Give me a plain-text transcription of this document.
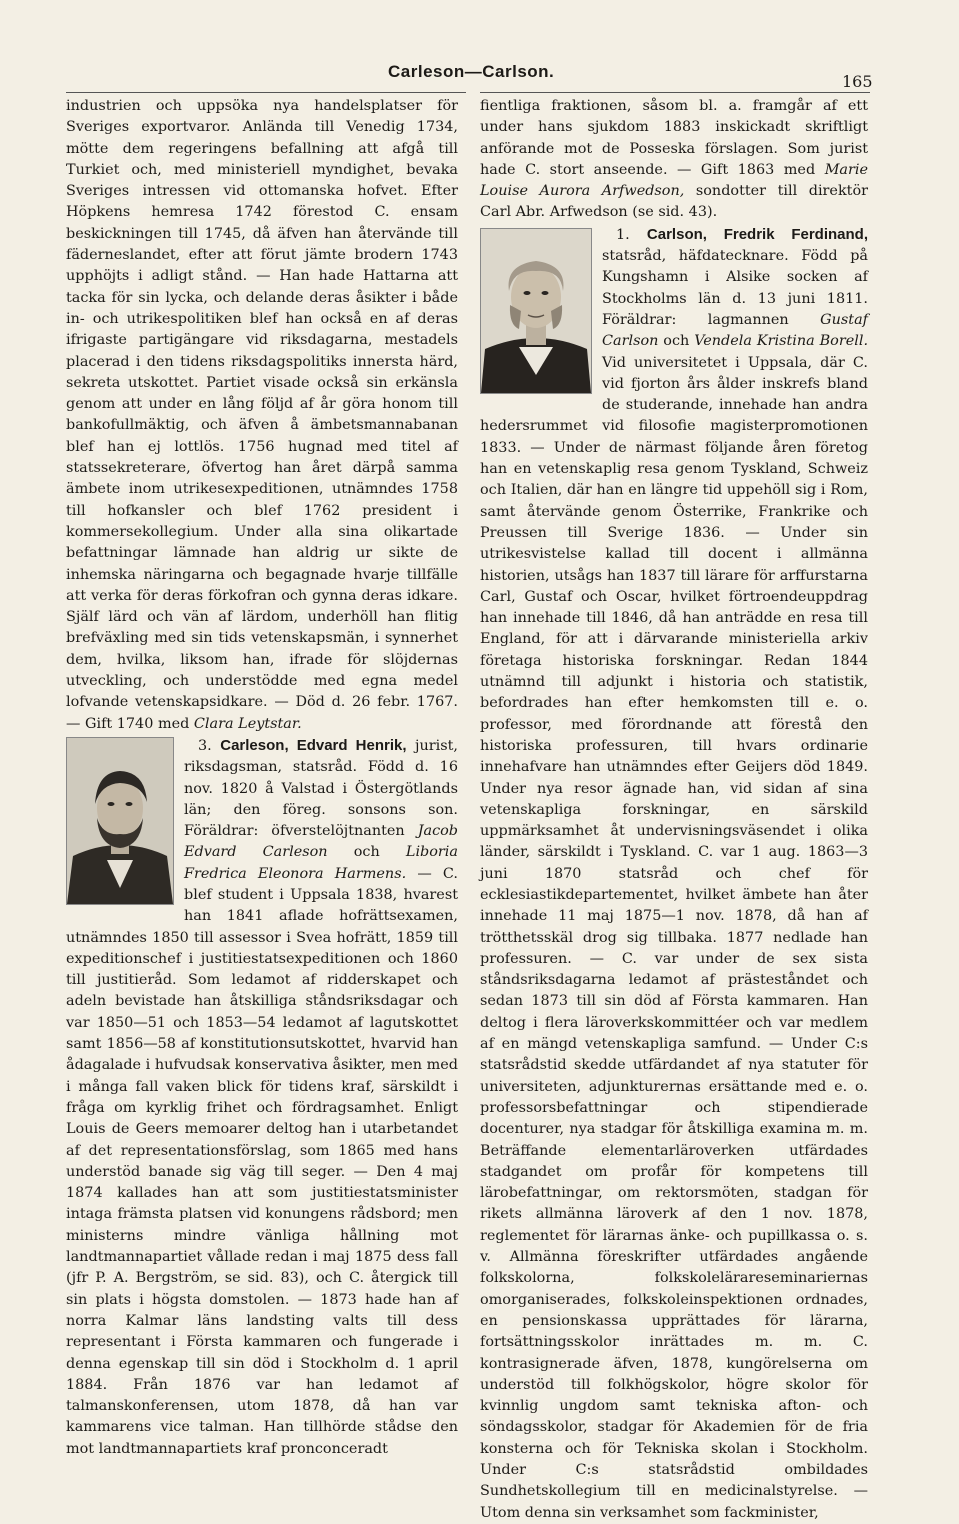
Carleson—Carlson.
165

industrien och uppsöka nya handelsplatser för Sveriges exportvaror. Anlända till Venedig 1734, mötte dem regeringens befallning att afgå till Turkiet och, med ministeriell myndighet, bevaka Sveriges intressen vid ottomanska hofvet. Efter Höpkens hemresa 1742 förestod C. ensam beskickningen till 1745, då äfven han återvände till fäderneslandet, efter att förut jämte brodern 1743 upphöjts i adligt stånd. — Han hade Hattarna att tacka för sin lycka, och delande deras åsikter i både in- och utrikespolitiken blef han också en af deras ifrigaste partigängare vid riksdagarna, mestadels placerad i den tidens riksdagspolitiks innersta härd, sekreta utskottet. Partiet visade också sin erkänsla genom att under en lång följd af år göra honom till bankofullmäktig, och äfven å ämbetsmannabanan blef han ej lottlös. 1756 hugnad med titel af statssekreterare, öfvertog han året därpå samma ämbete inom utrikesexpeditionen, utnämndes 1758 till hofkansler och blef 1762 president i kommersekollegium. Under alla sina olikartade befattningar lämnade han aldrig ur sikte de inhemska näringarna och begagnade hvarje tillfälle att verka för deras förkofran och gynna deras idkare. Själf lärd och vän af lärdom, underhöll han flitig brefväxling med sin tids vetenskapsmän, i synnerhet dem, hvilka, liksom han, ifrade för slöjdernas utveckling, och understödde med egna medel lofvande vetenskapsidkare. — Död d. 26 febr. 1767. — Gift 1740 med Clara Leytstar.

3. Carleson, Edvard Henrik, jurist, riksdagsman, statsråd. Född d. 16 nov. 1820 å Valstad i Östergötlands län; den föreg. sonsons son. Föräldrar: öfverstelöjtnanten Jacob Edvard Carleson och Liboria Fredrica Eleonora Harmens. — C. blef student i Uppsala 1838, hvarest han 1841 aflade hofrättsexamen, utnämndes 1850 till assessor i Svea hofrätt, 1859 till expeditionschef i justitiestatsexpeditionen och 1860 till justitieråd. Som ledamot af ridderskapet och adeln bevistade han åtskilliga ståndsriksdagar och var 1850—51 och 1853—54 ledamot af lagutskottet samt 1856—58 af konstitutionsutskottet, hvarvid han ådagalade i hufvudsak konservativa åsikter, men med i många fall vaken blick för tidens kraf, särskildt i fråga om kyrklig frihet och fördragsamhet. Enligt Louis de Geers memoarer deltog han i utarbetandet af det representationsförslag, som 1865 med hans understöd banade sig väg till seger. — Den 4 maj 1874 kallades han att som justitiestatsminister intaga främsta platsen vid konungens rådsbord; men ministerns mindre vänliga hållning mot landtmannapartiet vållade redan i maj 1875 dess fall (jfr P. A. Bergström, se sid. 83), och C. återgick till sin plats i högsta domstolen. — 1873 hade han af norra Kalmar läns landsting valts till dess representant i Första kammaren och fungerade i denna egenskap till sin död i Stockholm d. 1 april 1884. Från 1876 var han ledamot af talmanskonferensen, utom 1878, då han var kammarens vice talman. Han tillhörde stådse den mot landtmannapartiets kraf pronconceradt

fientliga fraktionen, såsom bl. a. framgår af ett under hans sjukdom 1883 inskickadt skriftligt anförande mot de Posseska förslagen. Som jurist hade C. stort anseende. — Gift 1863 med Marie Louise Aurora Arfwedson, sondotter till direktör Carl Abr. Arfwedson (se sid. 43).

1. Carlson, Fredrik Ferdinand,
statsråd, häfdatecknare. Född på Kungshamn i Alsike socken af Stockholms län d. 13 juni 1811. Föräldrar: lagmannen Gustaf Carlson och Vendela Kristina Borell. Vid universitetet i Uppsala, där C. vid fjorton års ålder inskrefs bland de studerande, innehade han andra hedersrummet vid filosofie magisterpromotionen 1833. — Under de närmast följande åren företog han en vetenskaplig resa genom Tyskland, Schweiz och Italien, där han en längre tid uppehöll sig i Rom, samt återvände genom Österrike, Frankrike och Preussen till Sverige 1836. — Under sin utrikesvistelse kallad till docent i allmänna historien, utsågs han 1837 till lärare för arffurstarna Carl, Gustaf och Oscar, hvilket förtroendeuppdrag han innehade till 1846, då han anträdde en resa till England, för att i därvarande ministeriella arkiv företaga historiska forskningar. Redan 1844 utnämnd till adjunkt i historia och statistik, befordrades han efter hemkomsten till e. o. professor, med förordnande att förestå den historiska professuren, till hvars ordinarie innehafvare han utnämndes efter Geijers död 1849. Under nya resor ägnade han, vid sidan af sina vetenskapliga forskningar, en särskild uppmärksamhet åt undervisningsväsendet i olika länder, särskildt i Tyskland. C. var 1 aug. 1863—3 juni 1870 statsråd och chef för ecklesiastikdepartementet, hvilket ämbete han åter innehade 11 maj 1875—1 nov. 1878, då han af trötthetsskäl drog sig tillbaka. 1877 nedlade han professuren. — C. var under de sex sista ståndsriksdagarna ledamot af prästeståndet och sedan 1873 till sin död af Första kammaren. Han deltog i flera läroverkskommittéer och var medlem af en mängd vetenskapliga samfund. — Under C:s statsrådstid skedde utfärdandet af nya statuter för universiteten, adjunkturernas ersättande med e. o. professorsbefattningar och stipendierade docenturer, nya stadgar för åtskilliga examina m. m. Beträffande elementarläroverken utfärdades stadgandet om profår för kompetens till lärobefattningar, om rektorsmöten, stadgan för rikets allmänna läroverk af den 1 nov. 1878, reglementet för lärarnas änke- och pupillkassa o. s. v. Allmänna föreskrifter utfärdades angående folkskolorna, folkskolelärareseminariernas omorganiserades, folkskoleinspektionen ordnades, en pensionskassa upprättades för lärarna, fortsättningsskolor inrättades m. m. C. kontrasignerade äfven, 1878, kungörelserna om understöd till folkhögskolor, högre skolor för kvinnlig ungdom samt tekniska afton- och söndagsskolor, stadgar för Akademien för de fria konsterna och för Tekniska skolan i Stockholm. Under C:s statsrådstid ombildades Sundhetskollegium till en medicinalstyrelse. — Utom denna sin verksamhet som fackminister,
